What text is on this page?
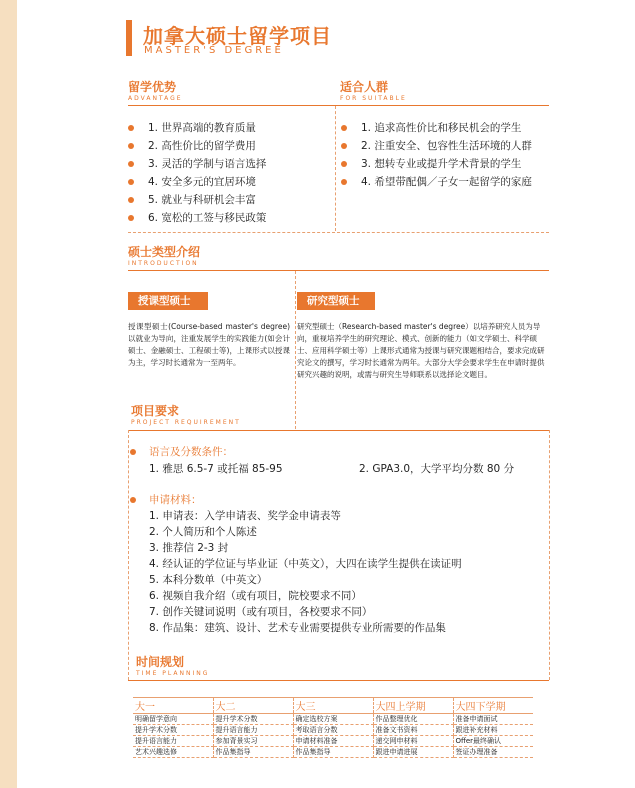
加拿大硕士留学项目
MASTER'S DEGREE
留学优势
ADVANTAGE
适合人群
FOR SUITABLE
1. 世界高端的教育质量
2. 高性价比的留学费用
3. 灵活的学制与语言选择
4. 安全多元的宜居环境
5. 就业与科研机会丰富
6. 宽松的工签与移民政策
1. 追求高性价比和移民机会的学生
2. 注重安全、包容性生活环境的人群
3. 想转专业或提升学术背景的学生
4. 希望带配偶／子女一起留学的家庭
硕士类型介绍
INTRODUCTION
授课型硕士	研究型硕士
授课型硕士(Course-based master's degree)以就业为导向，注重发展学生的实践能力(如会计硕士、金融硕士、工程硕士等)，上课形式以授课为主，学习时长通常为一至两年。
研究型硕士（Research-based master's degree）以培养研究人员为导向，重视培养学生的研究理论、模式、创新的能力（如文学硕士、科学硕士、应用科学硕士等）上课形式通常为授课与研究课题相结合，要求完成研究论文的撰写，学习时长通常为两年。大部分大学会要求学生在申请时提供研究兴趣的说明，或需与研究生导师联系以选择论文题目。
项目要求
PROJECT REQUIREMENT
语言及分数条件：
1. 雅思 6.5-7 或托福 85-95	2. GPA3.0，大学平均分数 80 分
申请材料：
1. 申请表：入学申请表、奖学金申请表等
2. 个人简历和个人陈述
3. 推荐信 2-3 封
4. 经认证的学位证与毕业证（中英文），大四在读学生提供在读证明
5. 本科分数单（中英文）
6. 视频自我介绍（或有项目，院校要求不同）
7. 创作关键词说明（或有项目，各校要求不同）
8. 作品集：建筑、设计、艺术专业需要提供专业所需要的作品集
时间规划
TIME PLANNING
大一	大二	大三	大四上学期	大四下学期
明确留学意向	提升学术分数	确定选校方案	作品整理优化	准备申请面试
提升学术分数	提升语言能力	考取语言分数	准备文书资料	跟进补充材料
提升语言能力	参加背景实习	申请材料准备	递交网申材料	Offer最终确认
艺术兴趣选修	作品集指导	作品集指导	跟进申请进展	签证办理准备
